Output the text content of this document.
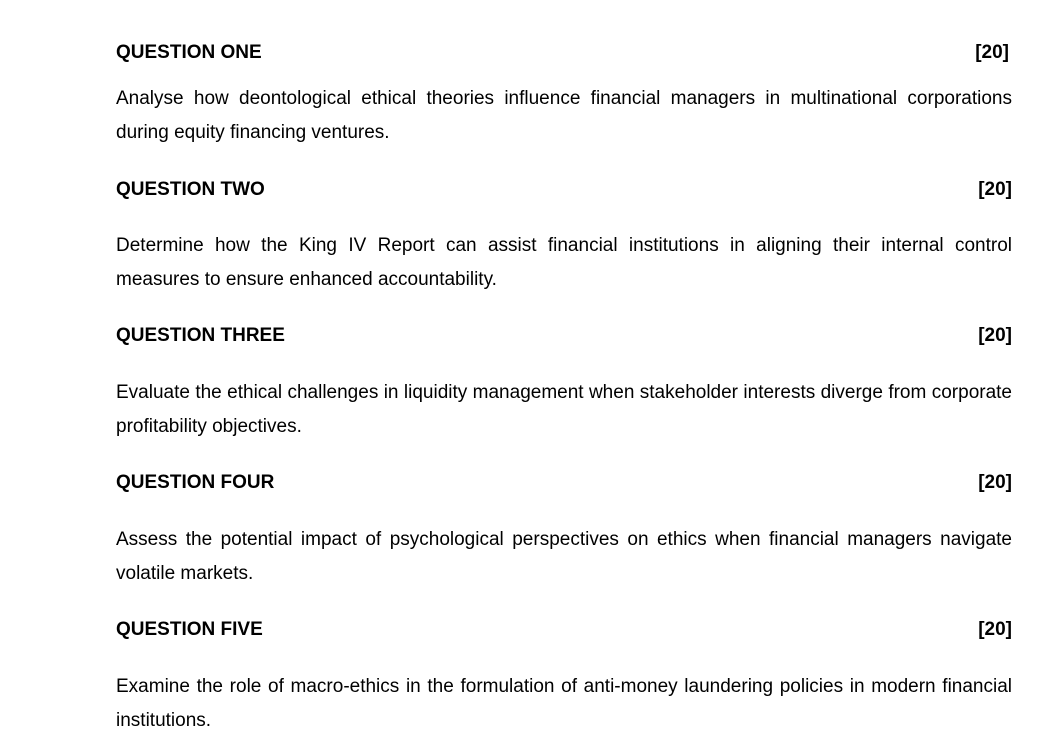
QUESTION ONE	[20]

Analyse how deontological ethical theories influence financial managers in multinational corporations during equity financing ventures.

QUESTION TWO	[20]

Determine how the King IV Report can assist financial institutions in aligning their internal control measures to ensure enhanced accountability.

QUESTION THREE	[20]

Evaluate the ethical challenges in liquidity management when stakeholder interests diverge from corporate profitability objectives.

QUESTION FOUR	[20]

Assess the potential impact of psychological perspectives on ethics when financial managers navigate volatile markets.

QUESTION FIVE	[20]

Examine the role of macro-ethics in the formulation of anti-money laundering policies in modern financial institutions.
